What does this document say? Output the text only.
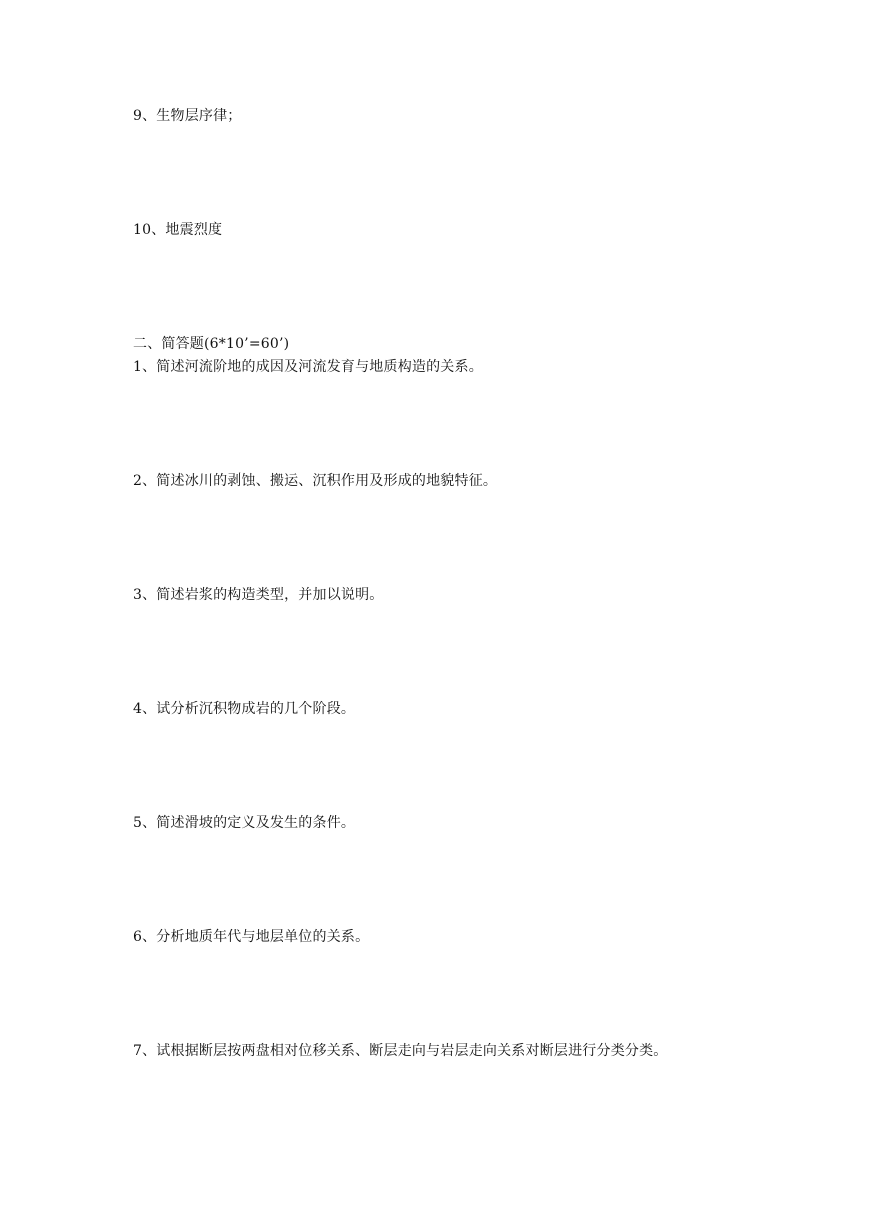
9、生物层序律；
10、地震烈度
二、简答题(6*10’=60’)
1、简述河流阶地的成因及河流发育与地质构造的关系。
2、简述冰川的剥蚀、搬运、沉积作用及形成的地貌特征。
3、简述岩浆的构造类型，并加以说明。
4、试分析沉积物成岩的几个阶段。
5、简述滑坡的定义及发生的条件。
6、分析地质年代与地层单位的关系。
7、试根据断层按两盘相对位移关系、断层走向与岩层走向关系对断层进行分类分类。
